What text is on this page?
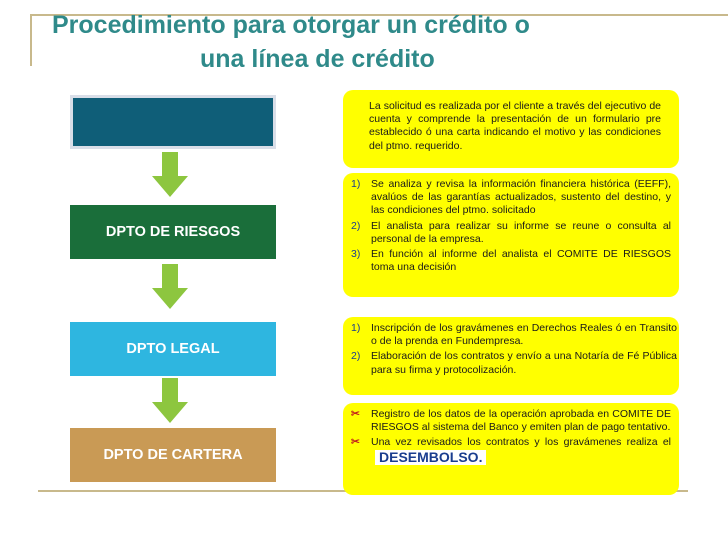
Procedimiento para otorgar un crédito o
una línea de crédito
DPTO DE RIESGOS
DPTO LEGAL
DPTO DE CARTERA
La solicitud es realizada por el cliente a través del ejecutivo de cuenta y comprende la presentación de un formulario pre establecido ó una carta indicando el motivo y las condiciones del ptmo. requerido.
1)	Se analiza y revisa la información financiera histórica (EEFF), avalúos de las garantías actualizados, sustento del destino, y las condiciones del ptmo. solicitado
2)	El analista para realizar su informe se reune o consulta al personal de la empresa.
3)	En función al informe del analista el COMITE DE RIESGOS toma una decisión
1)	Inscripción de los gravámenes en Derechos Reales ó en Transito o de la prenda en Fundempresa.
2)	Elaboración de los contratos y envío a una Notaría de Fé Pública para su firma y protocolización.
✂	Registro de los datos de la operación aprobada en COMITE DE RIESGOS al sistema del Banco y emiten plan de pago tentativo.
✂	Una vez revisados los contratos y los gravámenes realiza elDESEMBOLSO.
